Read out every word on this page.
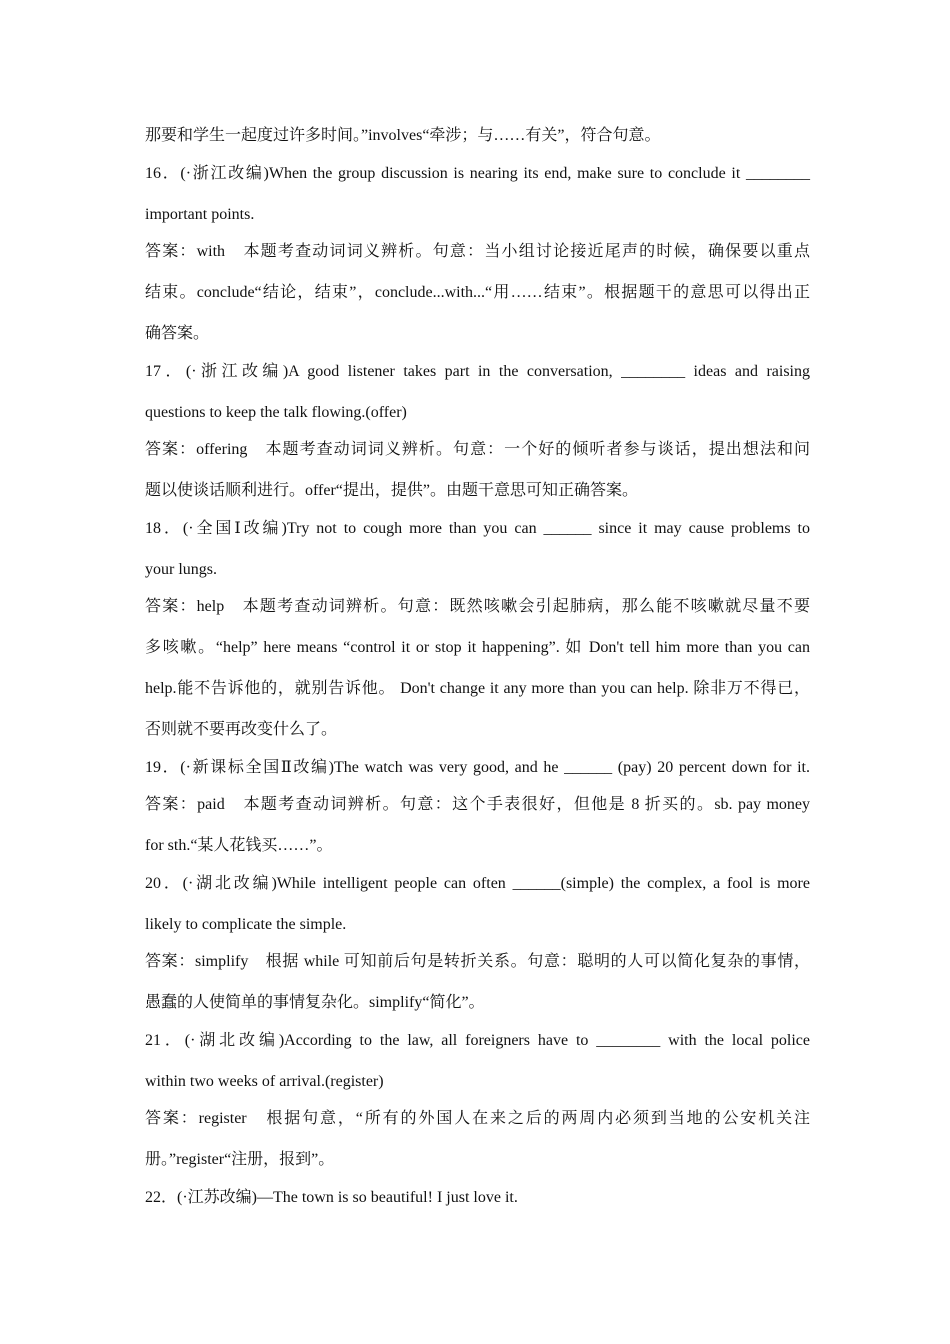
那要和学生一起度过许多时间。”involves“牵涉；与……有关”，符合句意。
16．(·浙江改编)When the group discussion is nearing its end, make sure to conclude it ________
important points.
答案：with　本题考查动词词义辨析。句意：当小组讨论接近尾声的时候，确保要以重点
结束。conclude“结论，结束”，conclude...with...“用……结束”。根据题干的意思可以得出正
确答案。
17．(·浙江改编)A good listener takes part in the conversation, ________ ideas and raising
questions to keep the talk flowing.(offer)
答案：offering　本题考查动词词义辨析。句意：一个好的倾听者参与谈话，提出想法和问
题以使谈话顺利进行。offer“提出，提供”。由题干意思可知正确答案。
18．(·全国Ⅰ改编)Try not to cough more than you can ______ since it may cause problems to
your lungs.
答案：help　本题考查动词辨析。句意：既然咳嗽会引起肺病，那么能不咳嗽就尽量不要
多咳嗽。“help” here means “control it or stop it happening”. 如 Don't tell him more than you can
help.能不告诉他的，就别告诉他。 Don't change it any more than you can help. 除非万不得已，
否则就不要再改变什么了。
19．(·新课标全国Ⅱ改编)The watch was very good, and he ______ (pay) 20 percent down for it.
答案：paid　本题考查动词辨析。句意：这个手表很好，但他是 8 折买的。sb. pay money
for sth.“某人花钱买……”。
20．(·湖北改编)While intelligent people can often ______(simple) the complex, a fool is more
likely to complicate the simple.
答案：simplify　根据 while 可知前后句是转折关系。句意：聪明的人可以简化复杂的事情，
愚蠢的人使简单的事情复杂化。simplify“简化”。
21．(·湖北改编)According to the law, all foreigners have to ________ with the local police
within two weeks of arrival.(register)
答案：register　根据句意，“所有的外国人在来之后的两周内必须到当地的公安机关注
册。”register“注册，报到”。
22．(·江苏改编)—The town is so beautiful! I just love it.
